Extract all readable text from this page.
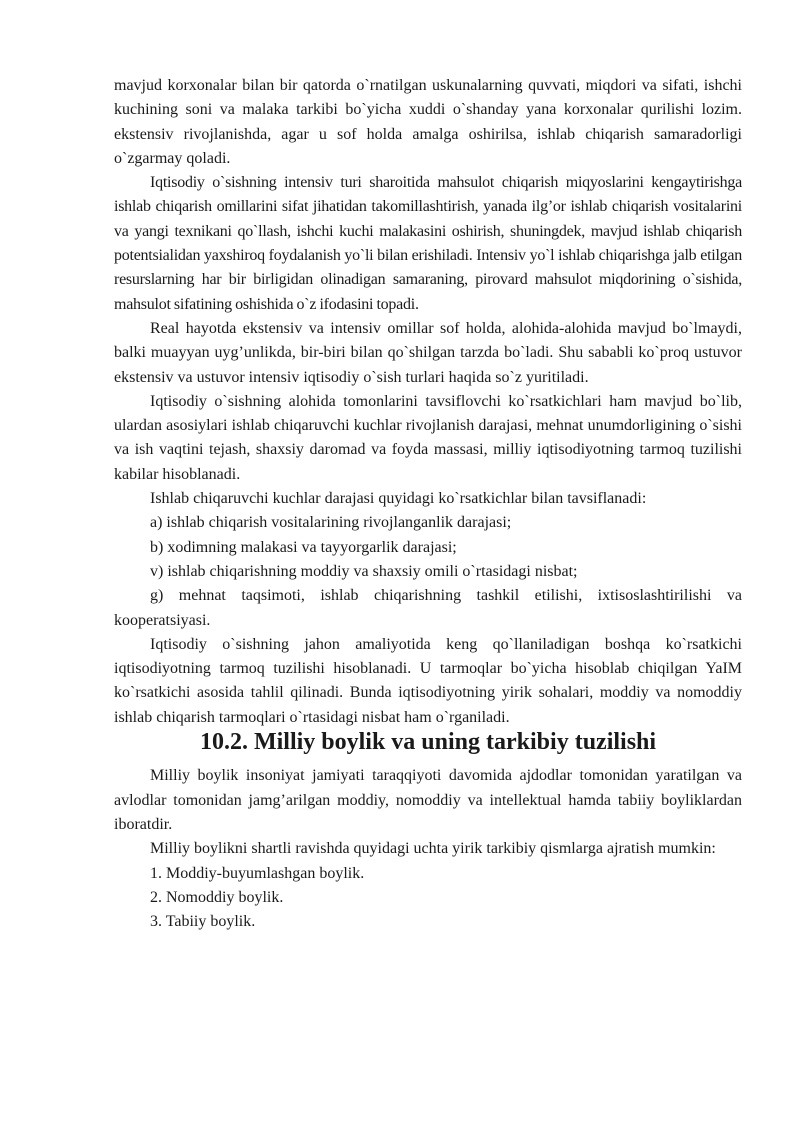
mavjud korxonalar bilan bir qatorda o`rnatilgan uskunalarning quvvati, miqdori va sifati, ishchi kuchining soni va malaka tarkibi bo`yicha xuddi o`shanday yana korxonalar qurilishi lozim. ekstensiv rivojlanishda, agar u sof holda amalga oshirilsa, ishlab chiqarish samaradorligi o`zgarmay qoladi.

Iqtisodiy o`sishning intensiv turi sharoitida mahsulot chiqarish miqyoslarini kengaytirishga ishlab chiqarish omillarini sifat jihatidan takomillashtirish, yanada ilg’or ishlab chiqarish vositalarini va yangi texnikani qo`llash, ishchi kuchi malakasini oshirish, shuningdek, mavjud ishlab chiqarish potentsialidan yaxshiroq foydalanish yo`li bilan erishiladi. Intensiv yo`l ishlab chiqarishga jalb etilgan resurslarning har bir birligidan olinadigan samaraning, pirovard mahsulot miqdorining o`sishida, mahsulot sifatining oshishida o`z ifodasini topadi.

Real hayotda ekstensiv va intensiv omillar sof holda, alohida-alohida mavjud bo`lmaydi, balki muayyan uyg’unlikda, bir-biri bilan qo`shilgan tarzda bo`ladi. Shu sababli ko`proq ustuvor ekstensiv va ustuvor intensiv iqtisodiy o`sish turlari haqida so`z yuritiladi.

Iqtisodiy o`sishning alohida tomonlarini tavsiflovchi ko`rsatkichlari ham mavjud bo`lib, ulardan asosiylari ishlab chiqaruvchi kuchlar rivojlanish darajasi, mehnat unumdorligining o`sishi va ish vaqtini tejash, shaxsiy daromad va foyda massasi, milliy iqtisodiyotning tarmoq tuzilishi kabilar hisoblanadi.

Ishlab chiqaruvchi kuchlar darajasi quyidagi ko`rsatkichlar bilan tavsiflanadi:

a) ishlab chiqarish vositalarining rivojlanganlik darajasi;

b) xodimning malakasi va tayyorgarlik darajasi;

v) ishlab chiqarishning moddiy va shaxsiy omili o`rtasidagi nisbat;

g) mehnat taqsimoti, ishlab chiqarishning tashkil etilishi, ixtisoslashtirilishi va kooperatsiyasi.

Iqtisodiy o`sishning jahon amaliyotida keng qo`llaniladigan boshqa ko`rsatkichi iqtisodiyotning tarmoq tuzilishi hisoblanadi. U tarmoqlar bo`yicha hisoblab chiqilgan YaIM ko`rsatkichi asosida tahlil qilinadi. Bunda iqtisodiyotning yirik sohalari, moddiy va nomoddiy ishlab chiqarish tarmoqlari o`rtasidagi nisbat ham o`rganiladi.

10.2. Milliy boylik va uning tarkibiy tuzilishi

Milliy boylik insoniyat jamiyati taraqqiyoti davomida ajdodlar tomonidan yaratilgan va avlodlar tomonidan jamg’arilgan moddiy, nomoddiy va intellektual hamda tabiiy boyliklardan iboratdir.

Milliy boylikni shartli ravishda quyidagi uchta yirik tarkibiy qismlarga ajratish mumkin:

1. Moddiy-buyumlashgan boylik.

2. Nomoddiy boylik.

3. Tabiiy boylik.
